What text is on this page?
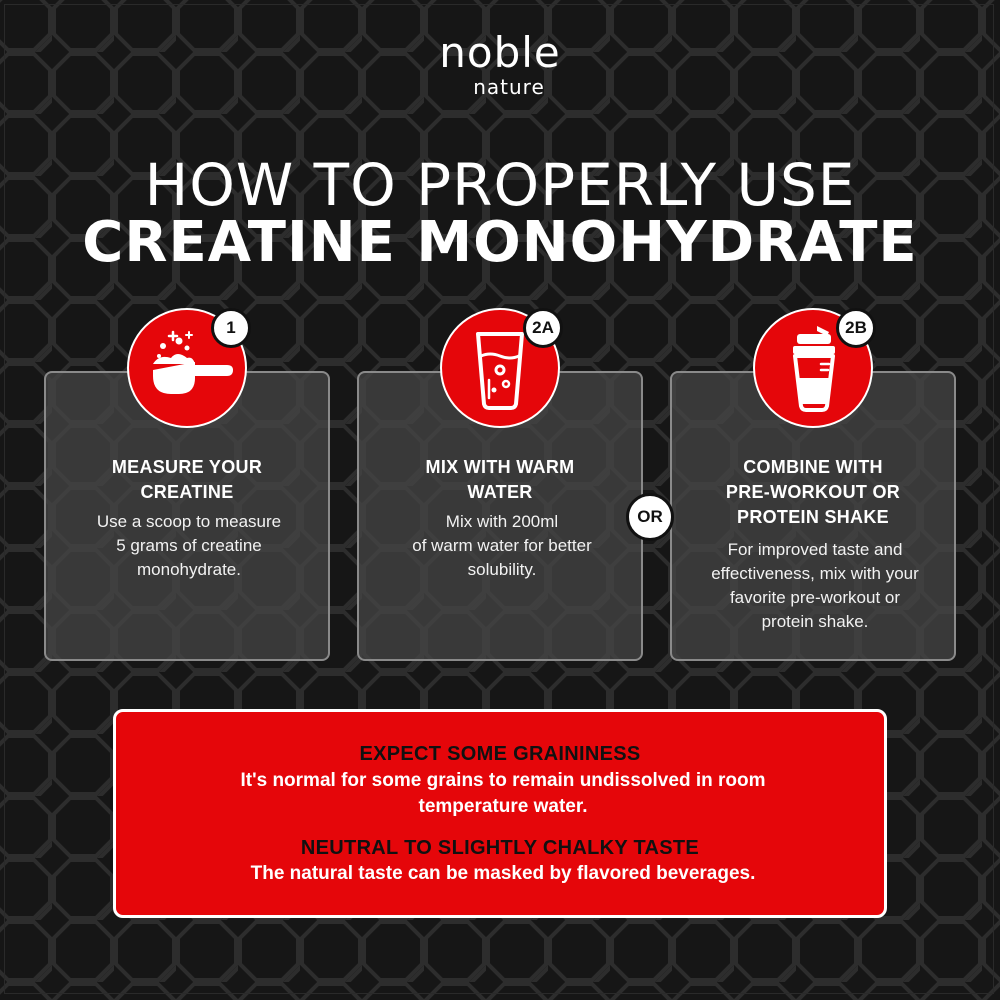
noble
nature
HOW TO PROPERLY USE
CREATINE MONOHYDRATE
MEASURE YOUR
CREATINE
Use a scoop to measure
5 grams of creatine
monohydrate.
MIX WITH WARM
WATER
Mix with 200ml
of warm water for better
solubility.
COMBINE WITH
PRE-WORKOUT OR
PROTEIN SHAKE
For improved taste and
effectiveness, mix with your
favorite pre-workout or
protein shake.
1	2A	2B
OR
EXPECT SOME GRAININESS
It's normal for some grains to remain undissolved in room
temperature water.
NEUTRAL TO SLIGHTLY CHALKY TASTE
The natural taste can be masked by flavored beverages.
